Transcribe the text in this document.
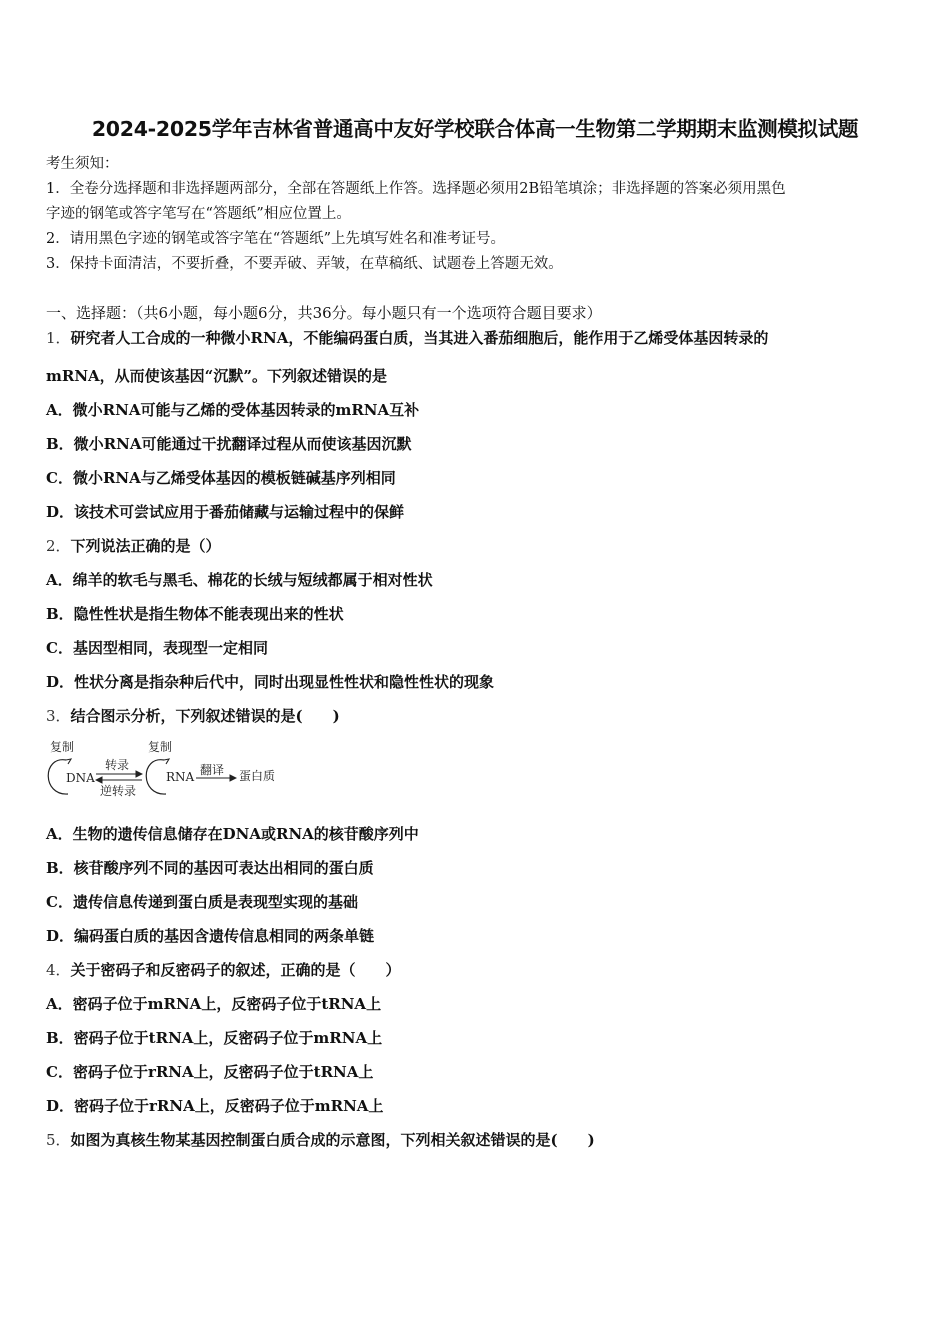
2024-2025学年吉林省普通高中友好学校联合体高一生物第二学期期末监测模拟试题
考生须知：
1．全卷分选择题和非选择题两部分，全部在答题纸上作答。选择题必须用2B铅笔填涂；非选择题的答案必须用黑色
字迹的钢笔或答字笔写在“答题纸”相应位置上。
2．请用黑色字迹的钢笔或答字笔在“答题纸”上先填写姓名和准考证号。
3．保持卡面清洁，不要折叠，不要弄破、弄皱，在草稿纸、试题卷上答题无效。
一、选择题：（共6小题，每小题6分，共36分。每小题只有一个选项符合题目要求）
1．研究者人工合成的一种微小RNA，不能编码蛋白质，当其进入番茄细胞后，能作用于乙烯受体基因转录的
mRNA，从而使该基因“沉默”。下列叙述错误的是
A．微小RNA可能与乙烯的受体基因转录的mRNA互补
B．微小RNA可能通过干扰翻译过程从而使该基因沉默
C．微小RNA与乙烯受体基因的模板链碱基序列相同
D．该技术可尝试应用于番茄储藏与运输过程中的保鲜
2．下列说法正确的是（）
A．绵羊的软毛与黑毛、棉花的长绒与短绒都属于相对性状
B．隐性性状是指生物体不能表现出来的性状
C．基因型相同，表现型一定相同
D．性状分离是指杂种后代中，同时出现显性性状和隐性性状的现象
3．结合图示分析，下列叙述错误的是(　　)
复制
DNA
转录
逆转录
复制
RNA 翻译 蛋白质
A．生物的遗传信息储存在DNA或RNA的核苷酸序列中
B．核苷酸序列不同的基因可表达出相同的蛋白质
C．遗传信息传递到蛋白质是表现型实现的基础
D．编码蛋白质的基因含遗传信息相同的两条单链
4．关于密码子和反密码子的叙述，正确的是（　　）
A．密码子位于mRNA上，反密码子位于tRNA上
B．密码子位于tRNA上，反密码子位于mRNA上
C．密码子位于rRNA上，反密码子位于tRNA上
D．密码子位于rRNA上，反密码子位于mRNA上
5．如图为真核生物某基因控制蛋白质合成的示意图，下列相关叙述错误的是(　　)
